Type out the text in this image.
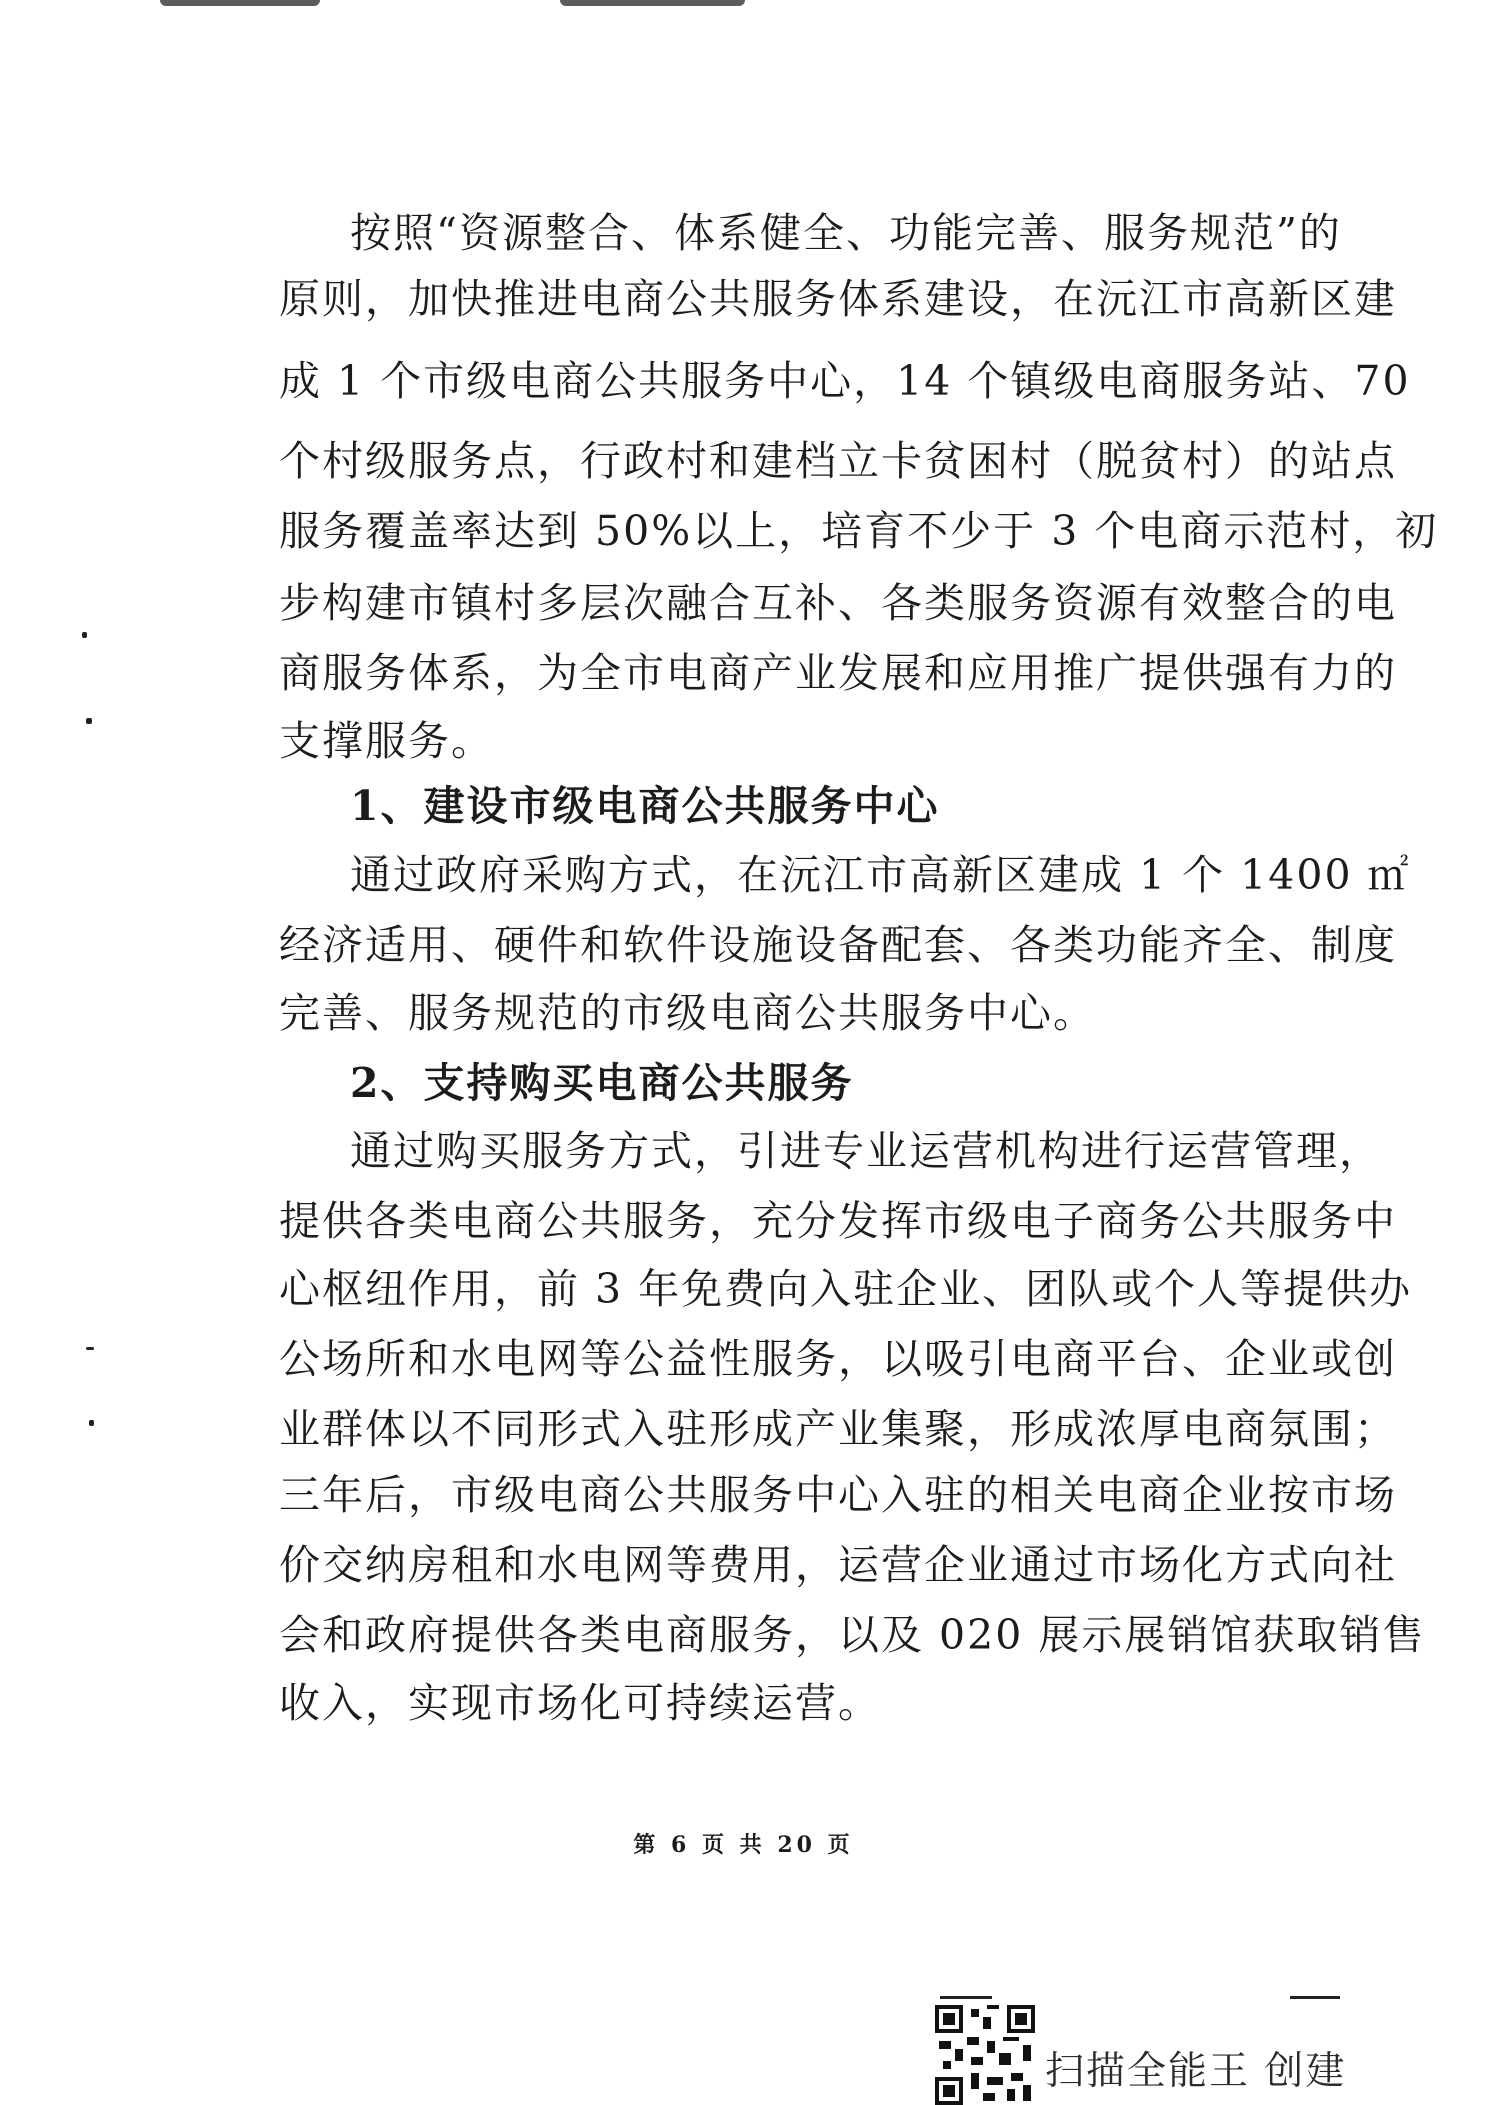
按照“资源整合、体系健全、功能完善、服务规范”的
原则，加快推进电商公共服务体系建设，在沅江市高新区建
成 1 个市级电商公共服务中心，14 个镇级电商服务站、70
个村级服务点，行政村和建档立卡贫困村（脱贫村）的站点
服务覆盖率达到 50%以上，培育不少于 3 个电商示范村，初
步构建市镇村多层次融合互补、各类服务资源有效整合的电
商服务体系，为全市电商产业发展和应用推广提供强有力的
支撑服务。
1、建设市级电商公共服务中心
通过政府采购方式，在沅江市高新区建成 1 个 1400 ㎡
经济适用、硬件和软件设施设备配套、各类功能齐全、制度
完善、服务规范的市级电商公共服务中心。
2、支持购买电商公共服务
通过购买服务方式，引进专业运营机构进行运营管理，
提供各类电商公共服务，充分发挥市级电子商务公共服务中
心枢纽作用，前 3 年免费向入驻企业、团队或个人等提供办
公场所和水电网等公益性服务，以吸引电商平台、企业或创
业群体以不同形式入驻形成产业集聚，形成浓厚电商氛围；
三年后，市级电商公共服务中心入驻的相关电商企业按市场
价交纳房租和水电网等费用，运营企业通过市场化方式向社
会和政府提供各类电商服务，以及 020 展示展销馆获取销售
收入，实现市场化可持续运营。
第 6 页 共 20 页
扫描全能王 创建
